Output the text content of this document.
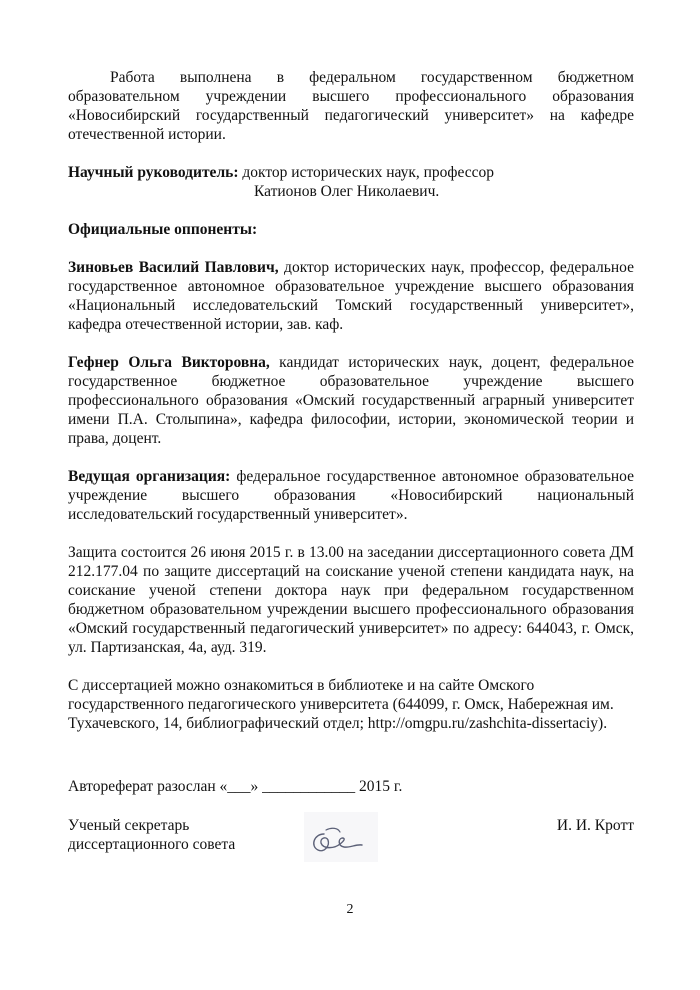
Работа выполнена в федеральном государственном бюджетном образовательном учреждении высшего профессионального образования «Новосибирский государственный педагогический университет» на кафедре отечественной истории.

Научный руководитель: доктор исторических наук, профессор

Катионов Олег Николаевич.

Официальные оппоненты:

Зиновьев Василий Павлович, доктор исторических наук, профессор, федеральное государственное автономное образовательное учреждение высшего образования «Национальный исследовательский Томский государственный университет», кафедра отечественной истории, зав. каф.

Гефнер Ольга Викторовна, кандидат исторических наук, доцент, федеральное государственное бюджетное образовательное учреждение высшего профессионального образования «Омский государственный аграрный университет имени П.А. Столыпина», кафедра философии, истории, экономической теории и права, доцент.

Ведущая организация: федеральное государственное автономное образовательное учреждение высшего образования «Новосибирский национальный исследовательский государственный университет».

Защита состоится 26 июня 2015 г. в 13.00 на заседании диссертационного совета ДМ 212.177.04 по защите диссертаций на соискание ученой степени кандидата наук, на соискание ученой степени доктора наук при федеральном государственном бюджетном образовательном учреждении высшего профессионального образования «Омский государственный педагогический университет» по адресу: 644043, г. Омск, ул. Партизанская, 4а, ауд. 319.

С диссертацией можно ознакомиться в библиотеке и на сайте Омского государственного педагогического университета (644099, г. Омск, Набережная им. Тухачевского, 14, библиографический отдел; http://omgpu.ru/zashchita-dissertaciy).

Автореферат разослан «___» ____________ 2015 г.

Ученый секретарь
диссертационного совета
И. И. Кротт
2
